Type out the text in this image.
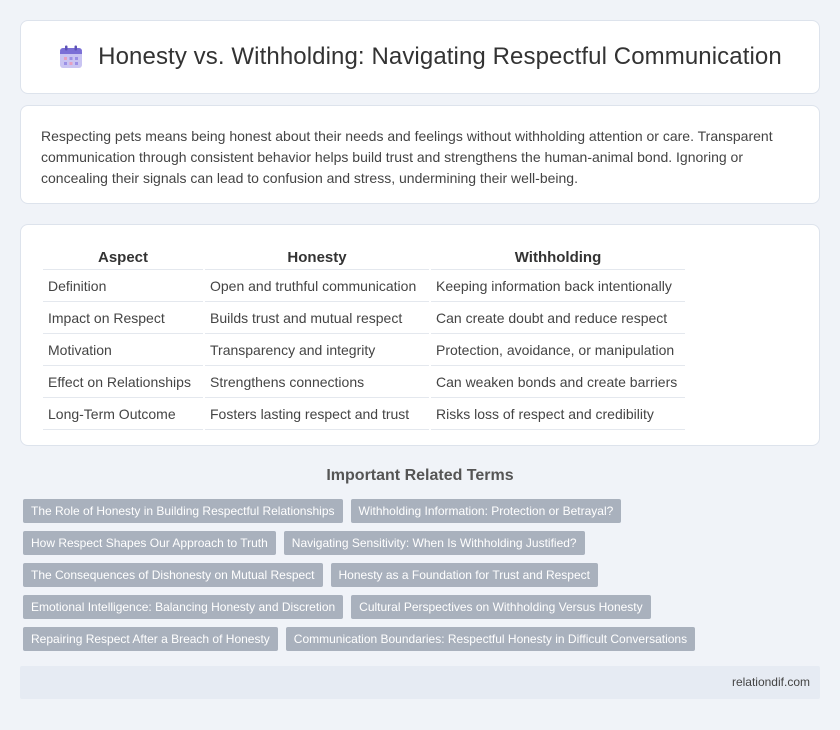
Honesty vs. Withholding: Navigating Respectful Communication

Respecting pets means being honest about their needs and feelings without withholding attention or care. Transparent communication through consistent behavior helps build trust and strengthens the human-animal bond. Ignoring or concealing their signals can lead to confusion and stress, undermining their well-being.

Aspect	Honesty	Withholding
Definition	Open and truthful communication	Keeping information back intentionally
Impact on Respect	Builds trust and mutual respect	Can create doubt and reduce respect
Motivation	Transparency and integrity	Protection, avoidance, or manipulation
Effect on Relationships	Strengthens connections	Can weaken bonds and create barriers
Long-Term Outcome	Fosters lasting respect and trust	Risks loss of respect and credibility
Important Related Terms
The Role of Honesty in Building Respectful Relationships	Withholding Information: Protection or Betrayal?
How Respect Shapes Our Approach to Truth	Navigating Sensitivity: When Is Withholding Justified?
The Consequences of Dishonesty on Mutual Respect	Honesty as a Foundation for Trust and Respect
Emotional Intelligence: Balancing Honesty and Discretion	Cultural Perspectives on Withholding Versus Honesty
Repairing Respect After a Breach of Honesty	Communication Boundaries: Respectful Honesty in Difficult Conversations
relationdif.com
